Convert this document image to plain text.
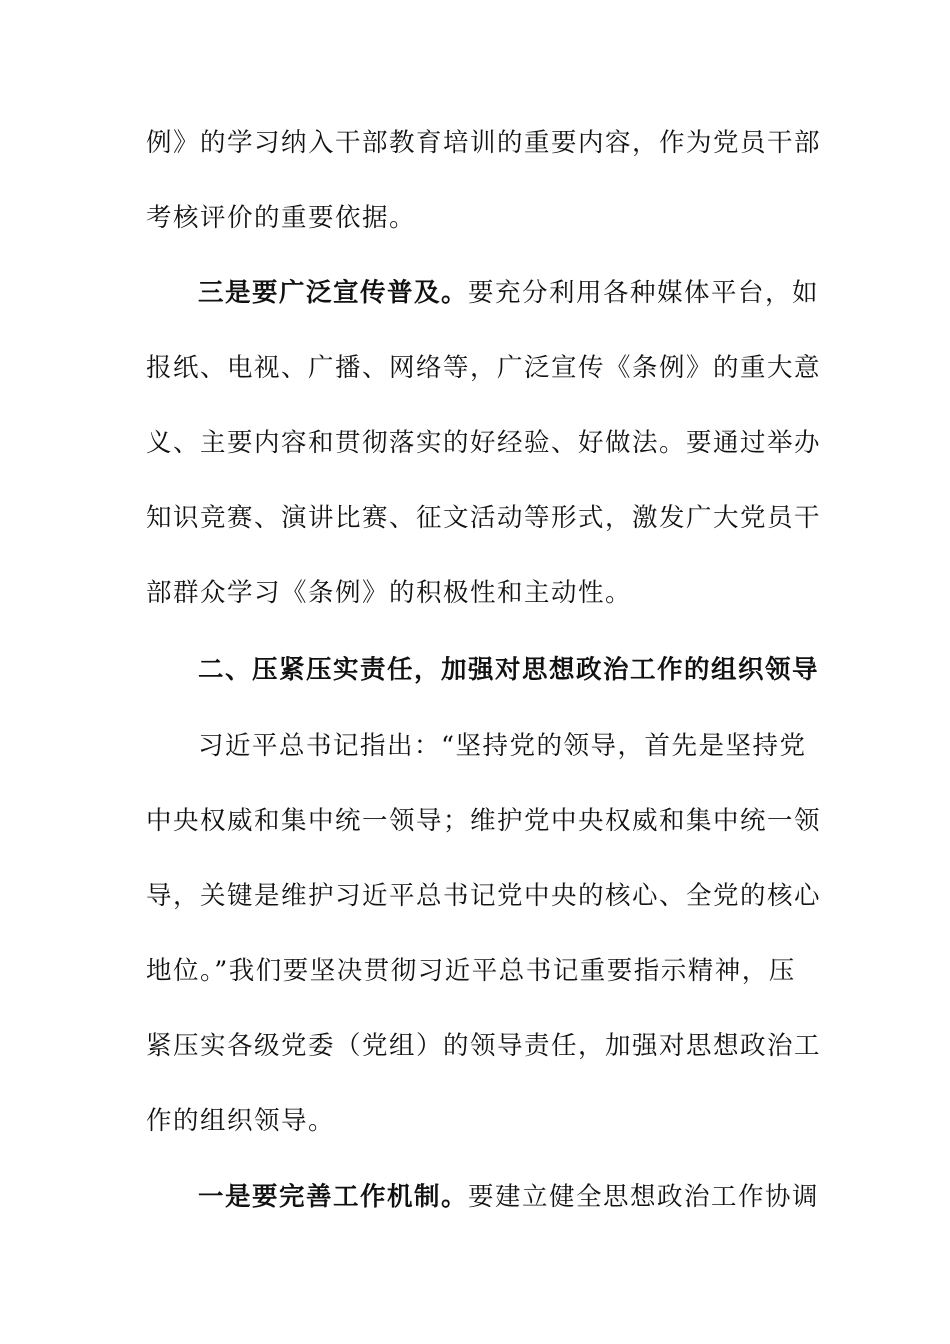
例》的学习纳入干部教育培训的重要内容，作为党员干部
考核评价的重要依据。
三是要广泛宣传普及。要充分利用各种媒体平台，如
报纸、电视、广播、网络等，广泛宣传《条例》的重大意
义、主要内容和贯彻落实的好经验、好做法。要通过举办
知识竞赛、演讲比赛、征文活动等形式，激发广大党员干
部群众学习《条例》的积极性和主动性。
二、压紧压实责任，加强对思想政治工作的组织领导
习近平总书记指出：“坚持党的领导，首先是坚持党
中央权威和集中统一领导；维护党中央权威和集中统一领
导，关键是维护习近平总书记党中央的核心、全党的核心
地位。”我们要坚决贯彻习近平总书记重要指示精神，压
紧压实各级党委（党组）的领导责任，加强对思想政治工
作的组织领导。
一是要完善工作机制。要建立健全思想政治工作协调
